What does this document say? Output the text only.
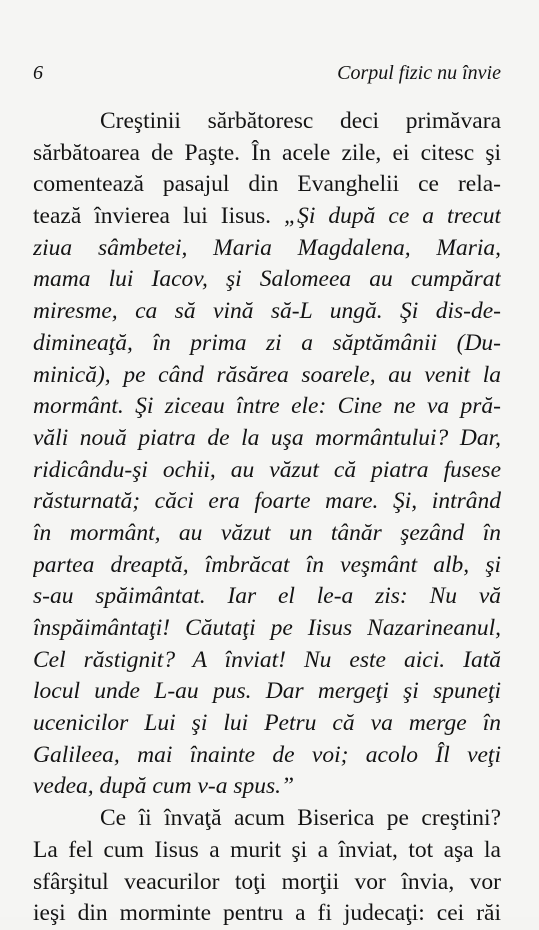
6	Corpul fizic nu învie
Creştinii sărbătoresc deci primăvara
sărbătoarea de Paşte. În acele zile, ei citesc şi
comentează pasajul din Evanghelii ce rela-
tează învierea lui Iisus. „Şi după ce a trecut
ziua sâmbetei, Maria Magdalena, Maria,
mama lui Iacov, şi Salomeea au cumpărat
miresme, ca să vină să-L ungă. Şi dis-de-
dimineaţă, în prima zi a săptămânii (Du-
minică), pe când răsărea soarele, au venit la
mormânt. Şi ziceau între ele: Cine ne va pră-
văli nouă piatra de la uşa mormântului? Dar,
ridicându-şi ochii, au văzut că piatra fusese
răsturnată; căci era foarte mare. Şi, intrând
în mormânt, au văzut un tânăr şezând în
partea dreaptă, îmbrăcat în veşmânt alb, şi
s-au spăimântat. Iar el le-a zis: Nu vă
înspăimântaţi! Căutaţi pe Iisus Nazarineanul,
Cel răstignit? A înviat! Nu este aici. Iată
locul unde L-au pus. Dar mergeţi şi spuneţi
ucenicilor Lui şi lui Petru că va merge în
Galileea, mai înainte de voi; acolo Îl veţi
vedea, după cum v-a spus.”
Ce îi învaţă acum Biserica pe creştini?
La fel cum Iisus a murit şi a înviat, tot aşa la
sfârşitul veacurilor toţi morţii vor învia, vor
ieşi din morminte pentru a fi judecaţi: cei răi
